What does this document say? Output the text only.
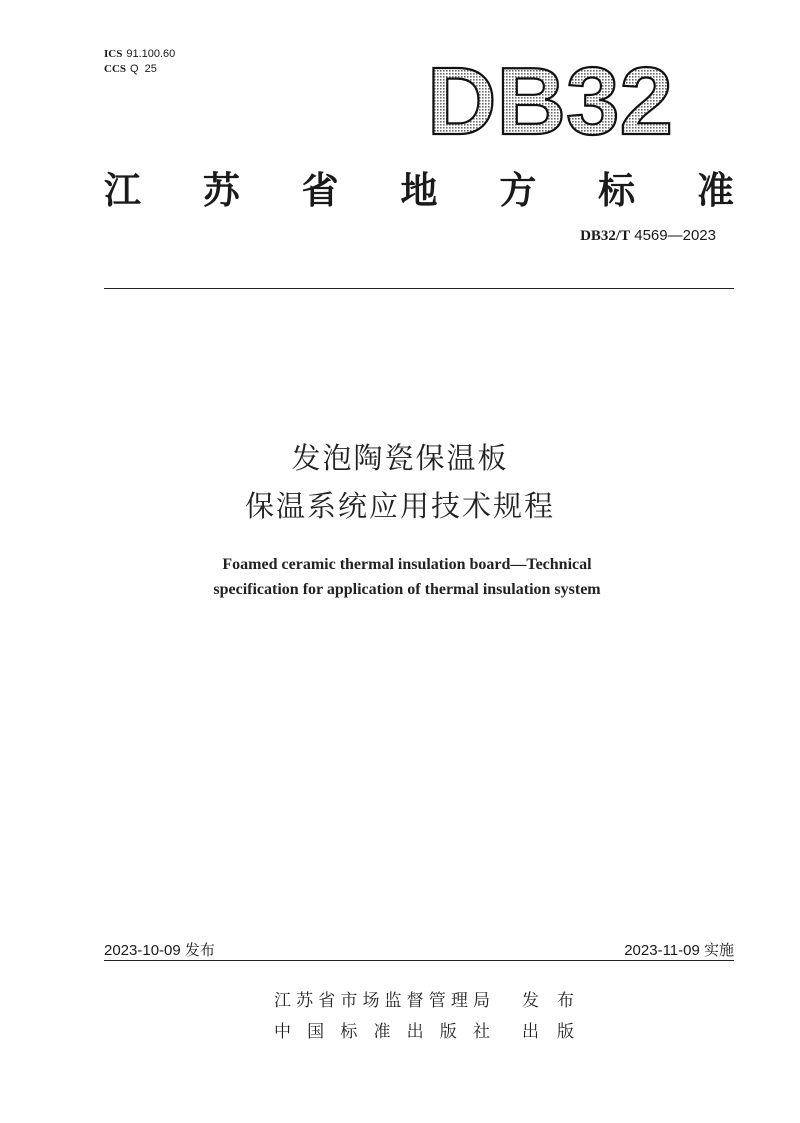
ICS 91.100.60
CCS Q  25	DB32
江 苏 省 地 方 标 准
DB32/T 4569—2023
发泡陶瓷保温板
保温系统应用技术规程
Foamed ceramic thermal insulation board—Technical
specification for application of thermal insulation system
2023-10-09 发布	2023-11-09 实施
江 苏 省 市 场 监 督 管 理 局 发 布
中 国 标 准 出 版 社 出 版
